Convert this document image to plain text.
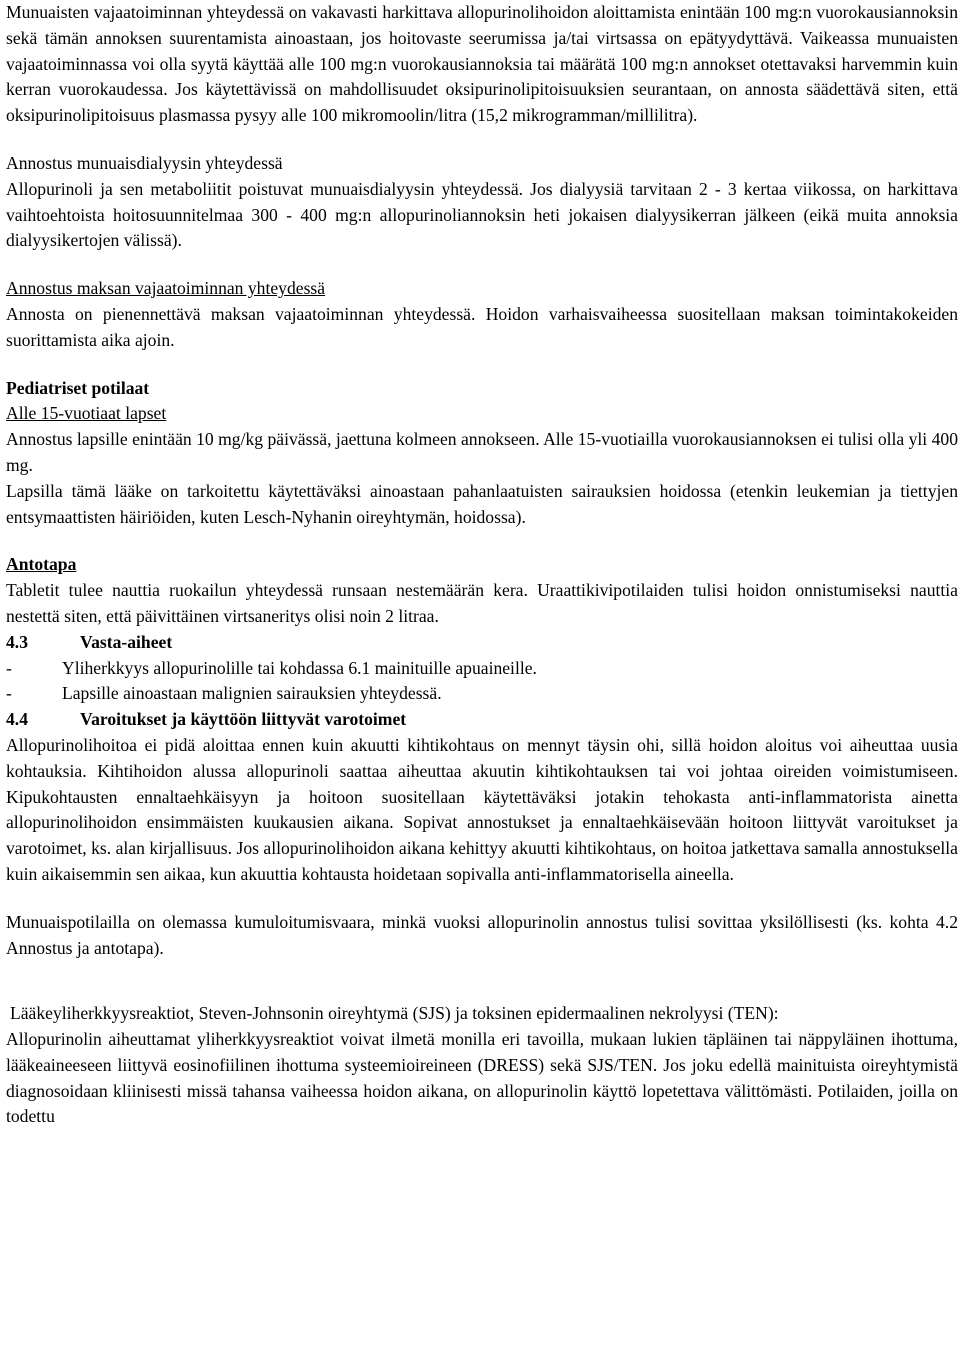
Munuaisten vajaatoiminnan yhteydessä on vakavasti harkittava allopurinolihoidon aloittamista enintään 100 mg:n vuorokausiannoksin sekä tämän annoksen suurentamista ainoastaan, jos hoitovaste seerumissa ja/tai virtsassa on epätyydyttävä. Vaikeassa munuaisten vajaatoiminnassa voi olla syytä käyttää alle 100 mg:n vuorokausiannoksia tai määrätä 100 mg:n annokset otettavaksi harvemmin kuin kerran vuorokaudessa. Jos käytettävissä on mahdollisuudet oksipurinolipitoisuuksien seurantaan, on annosta säädettävä siten, että oksipurinolipitoisuus plasmassa pysyy alle 100 mikromoolin/litra (15,2 mikrogramman/millilitra).

Annostus munuaisdialyysin yhteydessä

Allopurinoli ja sen metaboliitit poistuvat munuaisdialyysin yhteydessä. Jos dialyysiä tarvitaan 2 - 3 kertaa viikossa, on harkittava vaihtoehtoista hoitosuunnitelmaa 300 - 400 mg:n allopurinoliannoksin heti jokaisen dialyysikerran jälkeen (eikä muita annoksia dialyysikertojen välissä).

Annostus maksan vajaatoiminnan yhteydessä

Annosta on pienennettävä maksan vajaatoiminnan yhteydessä. Hoidon varhaisvaiheessa suositellaan maksan toimintakokeiden suorittamista aika ajoin.

Pediatriset potilaat

Alle 15-vuotiaat lapset

Annostus lapsille enintään 10 mg/kg päivässä, jaettuna kolmeen annokseen. Alle 15-vuotiailla vuorokausiannoksen ei tulisi olla yli 400 mg.

Lapsilla tämä lääke on tarkoitettu käytettäväksi ainoastaan pahanlaatuisten sairauksien hoidossa (etenkin leukemian ja tiettyjen entsymaattisten häiriöiden, kuten Lesch-Nyhanin oireyhtymän, hoidossa).

Antotapa

Tabletit tulee nauttia ruokailun yhteydessä runsaan nestemäärän kera. Uraattikivipotilaiden tulisi hoidon onnistumiseksi nauttia nestettä siten, että päivittäinen virtsaneritys olisi noin 2 litraa.

4.3	Vasta-aiheet

-	Yliherkkyys allopurinolille tai kohdassa 6.1 mainituille apuaineille.

-	Lapsille ainoastaan malignien sairauksien yhteydessä.

4.4	Varoitukset ja käyttöön liittyvät varotoimet

Allopurinolihoitoa ei pidä aloittaa ennen kuin akuutti kihtikohtaus on mennyt täysin ohi, sillä hoidon aloitus voi aiheuttaa uusia kohtauksia. Kihtihoidon alussa allopurinoli saattaa aiheuttaa akuutin kihtikohtauksen tai voi johtaa oireiden voimistumiseen. Kipukohtausten ennaltaehkäisyyn ja hoitoon suositellaan käytettäväksi jotakin tehokasta anti-inflammatorista ainetta allopurinolihoidon ensimmäisten kuukausien aikana. Sopivat annostukset ja ennaltaehkäisevään hoitoon liittyvät varoitukset ja varotoimet, ks. alan kirjallisuus. Jos allopurinolihoidon aikana kehittyy akuutti kihtikohtaus, on hoitoa jatkettava samalla annostuksella kuin aikaisemmin sen aikaa, kun akuuttia kohtausta hoidetaan sopivalla anti-inflammatorisella aineella.

Munuaispotilailla on olemassa kumuloitumisvaara, minkä vuoksi allopurinolin annostus tulisi sovittaa yksilöllisesti (ks. kohta 4.2 Annostus ja antotapa).

Lääkeyliherkkyysreaktiot, Steven-Johnsonin oireyhtymä (SJS) ja toksinen epidermaalinen nekrolyysi (TEN):

Allopurinolin aiheuttamat yliherkkyysreaktiot voivat ilmetä monilla eri tavoilla, mukaan lukien täpläinen tai näppyläinen ihottuma, lääkeaineeseen liittyvä eosinofiilinen ihottuma systeemioireineen (DRESS) sekä SJS/TEN. Jos joku edellä mainituista oireyhtymistä diagnosoidaan kliinisesti missä tahansa vaiheessa hoidon aikana, on allopurinolin käyttö lopetettava välittömästi. Potilaiden, joilla on todettu
